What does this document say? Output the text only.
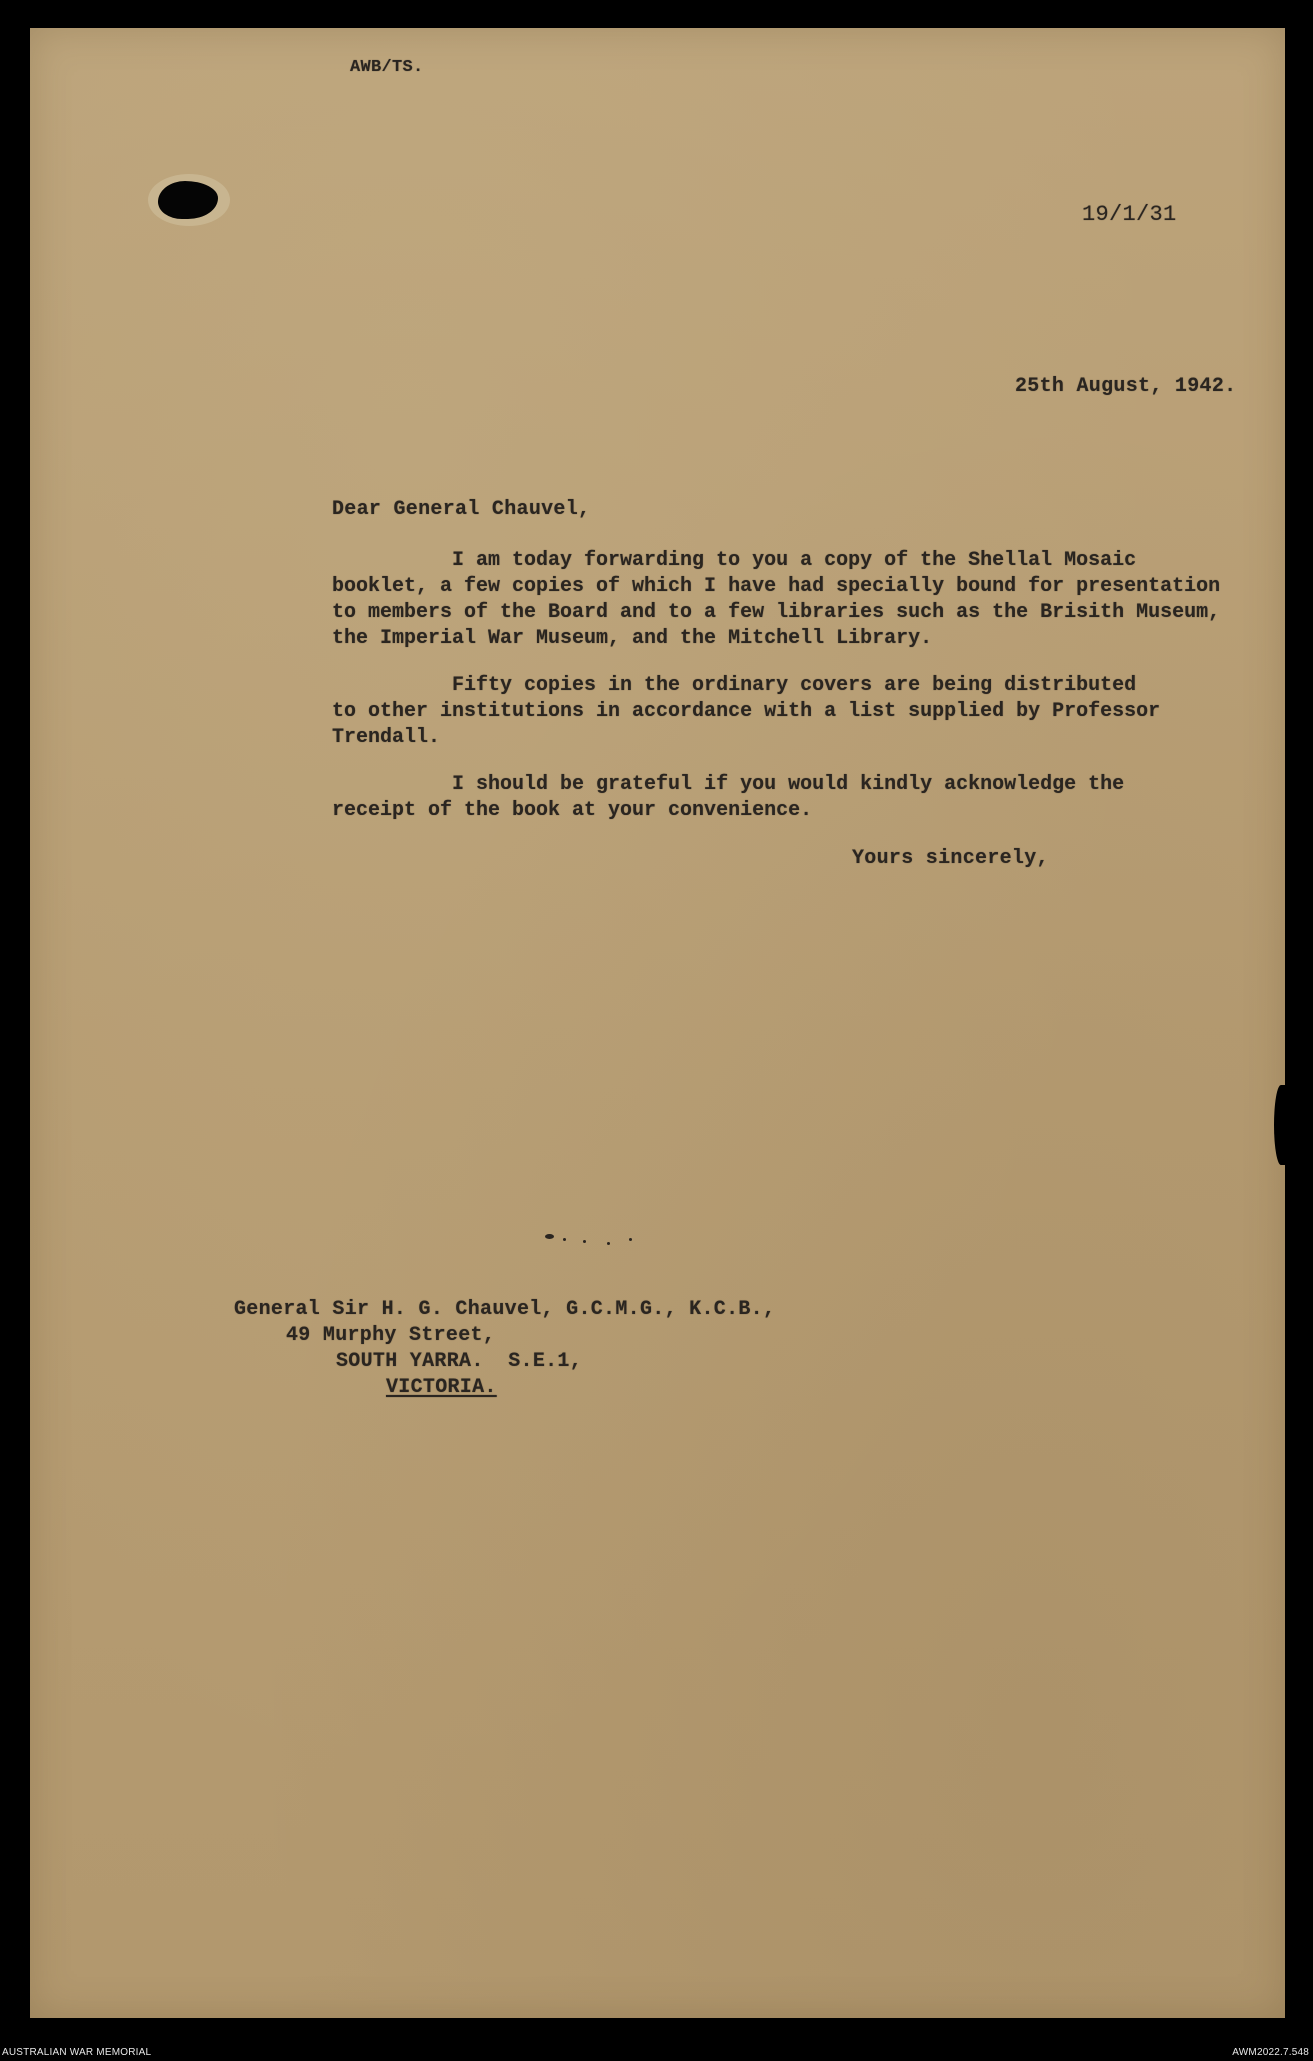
AWB/TS.
19/1/31
25th August, 1942.
Dear General Chauvel,
I am today forwarding to you a copy of the Shellal Mosaic
booklet, a few copies of which I have had specially bound for presentation
to members of the Board and to a few libraries such as the Brisith Museum,
the Imperial War Museum, and the Mitchell Library.
Fifty copies in the ordinary covers are being distributed
to other institutions in accordance with a list supplied by Professor
Trendall.
I should be grateful if you would kindly acknowledge the
receipt of the book at your convenience.
Yours sincerely,
General Sir H. G. Chauvel, G.C.M.G., K.C.B.,
49 Murphy Street,
SOUTH YARRA.  S.E.1,
VICTORIA.
AUSTRALIAN WAR MEMORIAL	AWM2022.7.548
